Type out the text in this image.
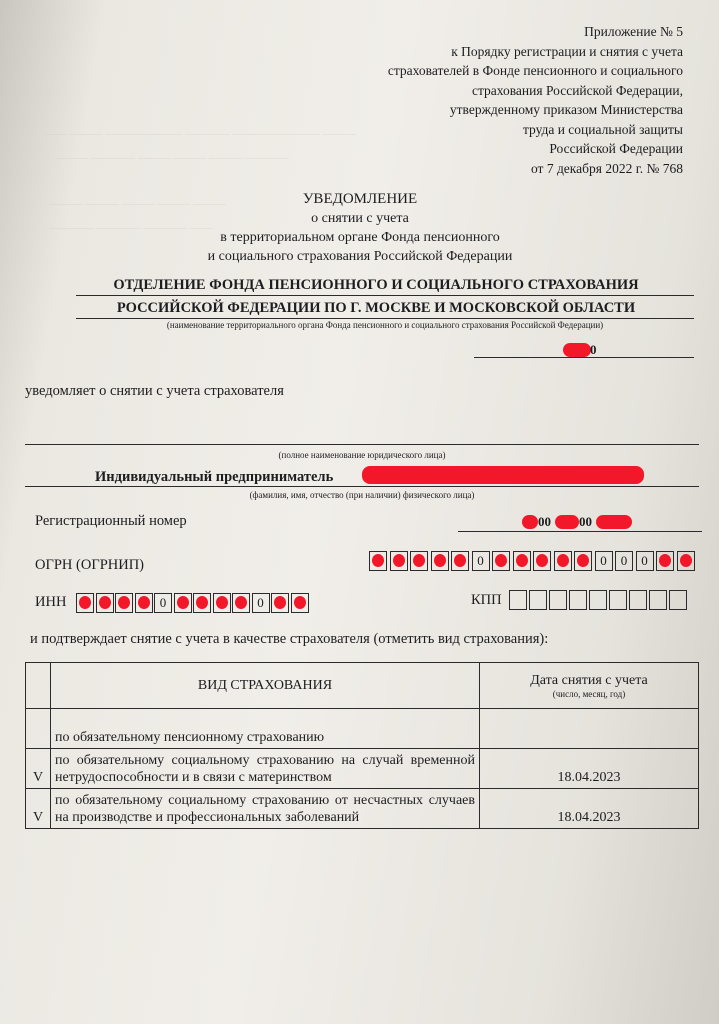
—— ——— ——————— ———— ———————— ———
——— ———— ——— ——— ——— ————
——— ——— ——— ——— ———
———— ———— ———— ——
Приложение № 5
к Порядку регистрации и снятия с учета
страхователей в Фонде пенсионного и социального
страхования Российской Федерации,
утвержденному приказом Министерства
труда и социальной защиты
Российской Федерации
от 7 декабря 2022 г. № 768
УВЕДОМЛЕНИЕ
о снятии с учета
в территориальном органе Фонда пенсионного
и социального страхования Российской Федерации
ОТДЕЛЕНИЕ ФОНДА ПЕНСИОННОГО И СОЦИАЛЬНОГО СТРАХОВАНИЯ
РОССИЙСКОЙ ФЕДЕРАЦИИ ПО Г. МОСКВЕ И МОСКОВСКОЙ ОБЛАСТИ
(наименование территориального органа Фонда пенсионного и социального страхования Российской Федерации)
0
уведомляет о снятии с учета страхователя
(полное наименование юридического лица)
Индивидуальный предприниматель
(фамилия, имя, отчество (при наличии) физического лица)
Регистрационный номер	00 00
ОГРН (ОГРНИП)	0	0	0	0
ИНН	0	0	КПП
и подтверждает снятие с учета в качестве страхователя (отметить вид страхования):
	ВИД СТРАХОВАНИЯ	Дата снятия с учета
(число, месяц, год)

	по обязательному пенсионному страхованию	
V	по обязательному социальному страхованию на случай временной нетрудоспособности и в связи с материнством	18.04.2023
V	по обязательному социальному страхованию от несчастных случаев на производстве и профессиональных заболеваний	18.04.2023
